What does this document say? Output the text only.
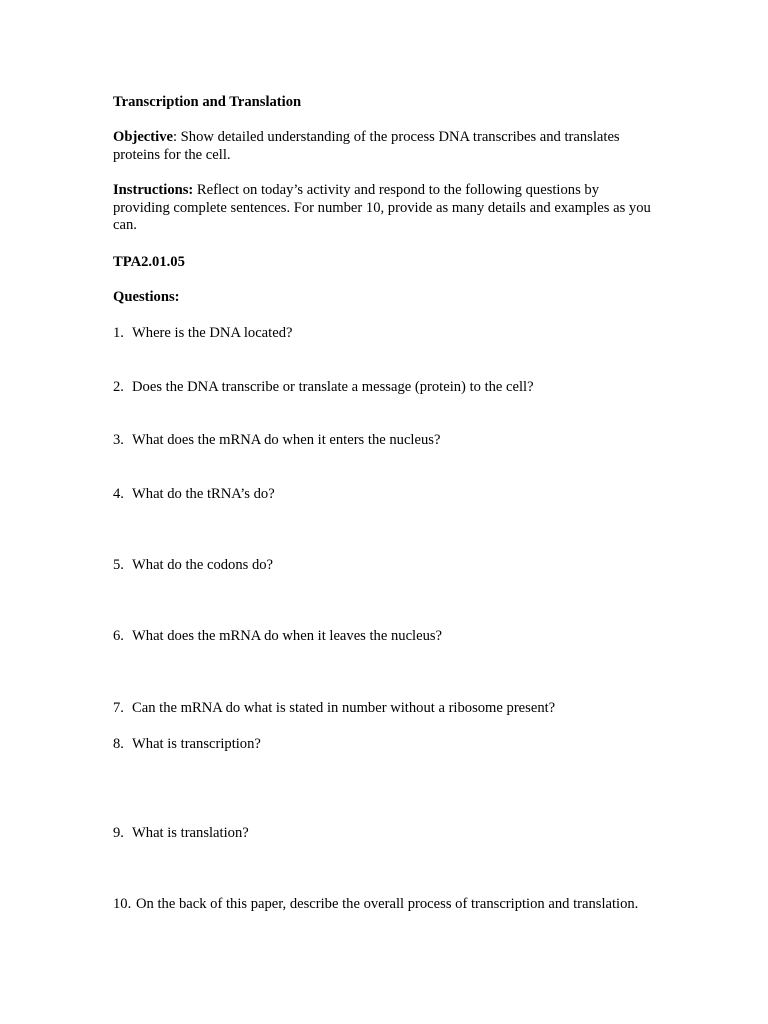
Transcription and Translation
Objective: Show detailed understanding of the process DNA transcribes and translates proteins for the cell.
Instructions: Reflect on today’s activity and respond to the following questions by providing complete sentences. For number 10, provide as many details and examples as you can.
TPA2.01.05
Questions:
1. Where is the DNA located?
2. Does the DNA transcribe or translate a message (protein) to the cell?
3. What does the mRNA do when it enters the nucleus?
4. What do the tRNA’s do?
5. What do the codons do?
6. What does the mRNA do when it leaves the nucleus?
7. Can the mRNA do what is stated in number without a ribosome present?
8. What is transcription?
9. What is translation?
10. On the back of this paper, describe the overall process of transcription and translation.
